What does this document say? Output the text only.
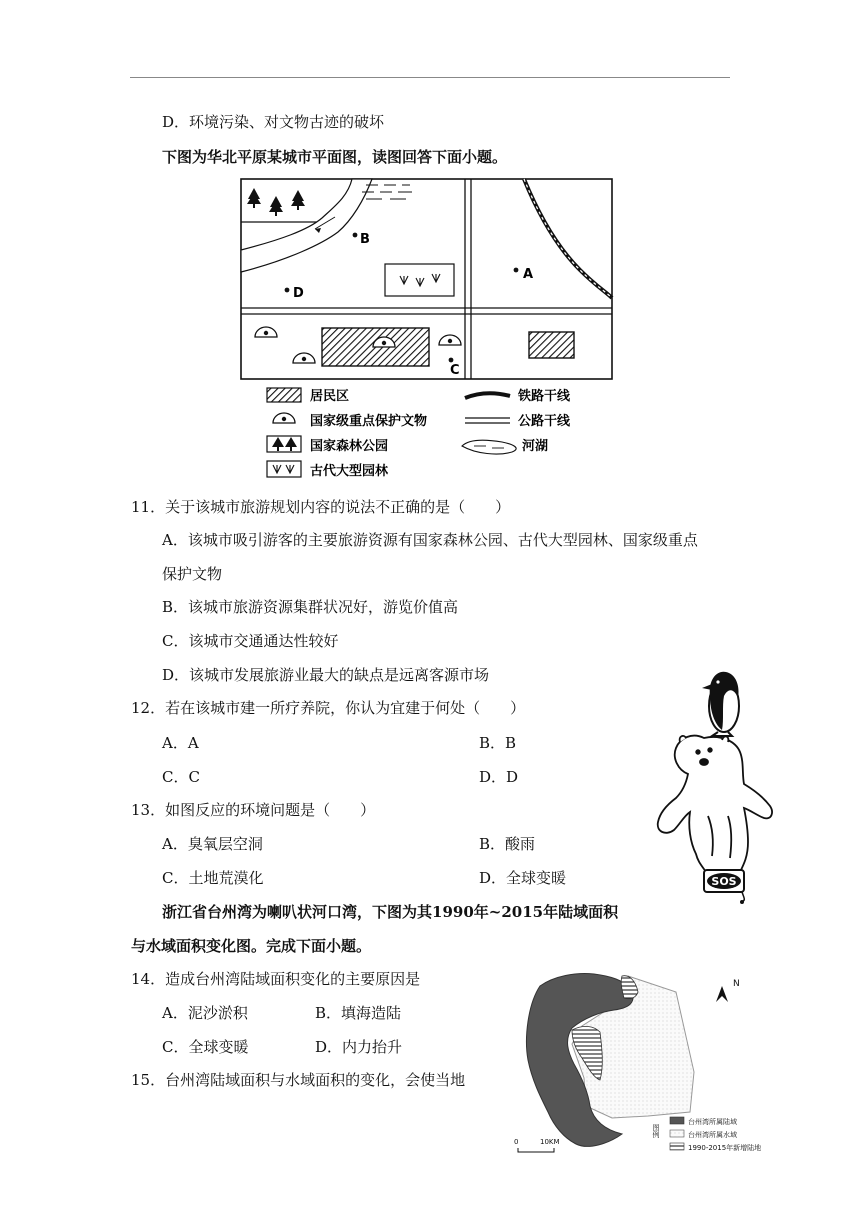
D．环境污染、对文物古迹的破坏
下图为华北平原某城市平面图，读图回答下面小题。
B
A
D
C
居民区
国家级重点保护文物
国家森林公园
古代大型园林
铁路干线
公路干线
河湖
11．关于该城市旅游规划内容的说法不正确的是（　　）
A．该城市吸引游客的主要旅游资源有国家森林公园、古代大型园林、国家级重点
保护文物
B．该城市旅游资源集群状况好，游览价值高
C．该城市交通通达性较好
D．该城市发展旅游业最大的缺点是远离客源市场
12．若在该城市建一所疗养院，你认为宜建于何处（　　）
A．A	B．B
C．C	D．D
13．如图反应的环境问题是（　　）
A．臭氧层空洞	B．酸雨
C．土地荒漠化	D．全球变暖	SOS
浙江省台州湾为喇叭状河口湾，下图为其1990年~2015年陆域面积
与水域面积变化图。完成下面小题。
14．造成台州湾陆域面积变化的主要原因是
A．泥沙淤积	B．填海造陆
C．全球变暖	D．内力抬升
15．台州湾陆域面积与水域面积的变化，会使当地
N
0	10KM
图例
台州湾所属陆域
台州湾所属水域
1990-2015年新增陆地
